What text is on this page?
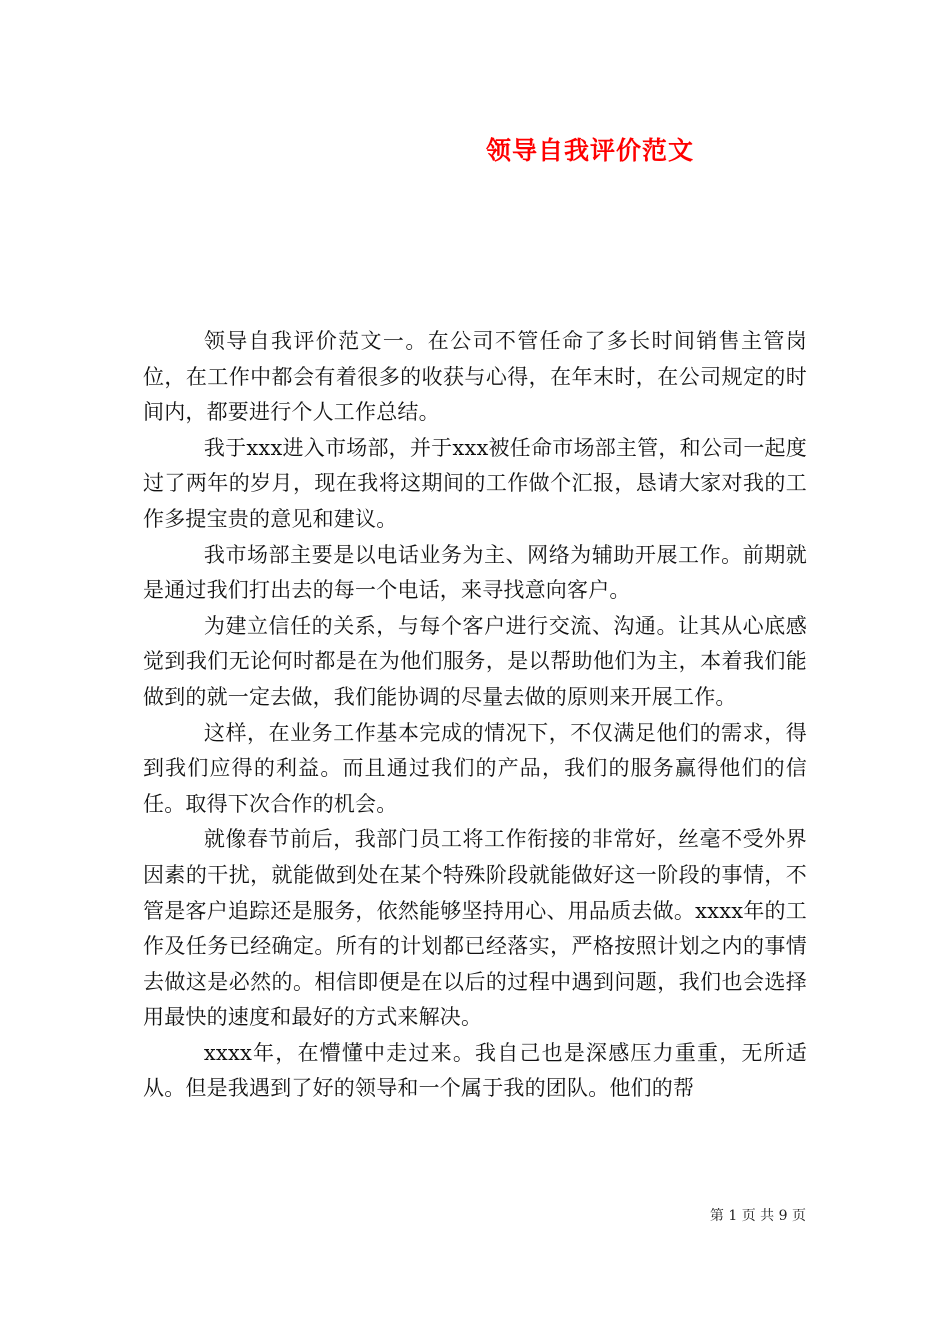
领导自我评价范文

领导自我评价范文一。在公司不管任命了多长时间销售主管岗位，在工作中都会有着很多的收获与心得，在年末时，在公司规定的时间内，都要进行个人工作总结。

我于xxx进入市场部，并于xxx被任命市场部主管，和公司一起度过了两年的岁月，现在我将这期间的工作做个汇报，恳请大家对我的工作多提宝贵的意见和建议。

我市场部主要是以电话业务为主、网络为辅助开展工作。前期就是通过我们打出去的每一个电话，来寻找意向客户。

为建立信任的关系，与每个客户进行交流、沟通。让其从心底感觉到我们无论何时都是在为他们服务，是以帮助他们为主，本着我们能做到的就一定去做，我们能协调的尽量去做的原则来开展工作。

这样，在业务工作基本完成的情况下，不仅满足他们的需求，得到我们应得的利益。而且通过我们的产品，我们的服务赢得他们的信任。取得下次合作的机会。

就像春节前后，我部门员工将工作衔接的非常好，丝毫不受外界因素的干扰，就能做到处在某个特殊阶段就能做好这一阶段的事情，不管是客户追踪还是服务，依然能够坚持用心、用品质去做。xxxx年的工作及任务已经确定。所有的计划都已经落实，严格按照计划之内的事情去做这是必然的。相信即便是在以后的过程中遇到问题，我们也会选择用最快的速度和最好的方式来解决。

xxxx年，在懵懂中走过来。我自己也是深感压力重重，无所适从。但是我遇到了好的领导和一个属于我的团队。他们的帮

第 1 页 共 9 页
